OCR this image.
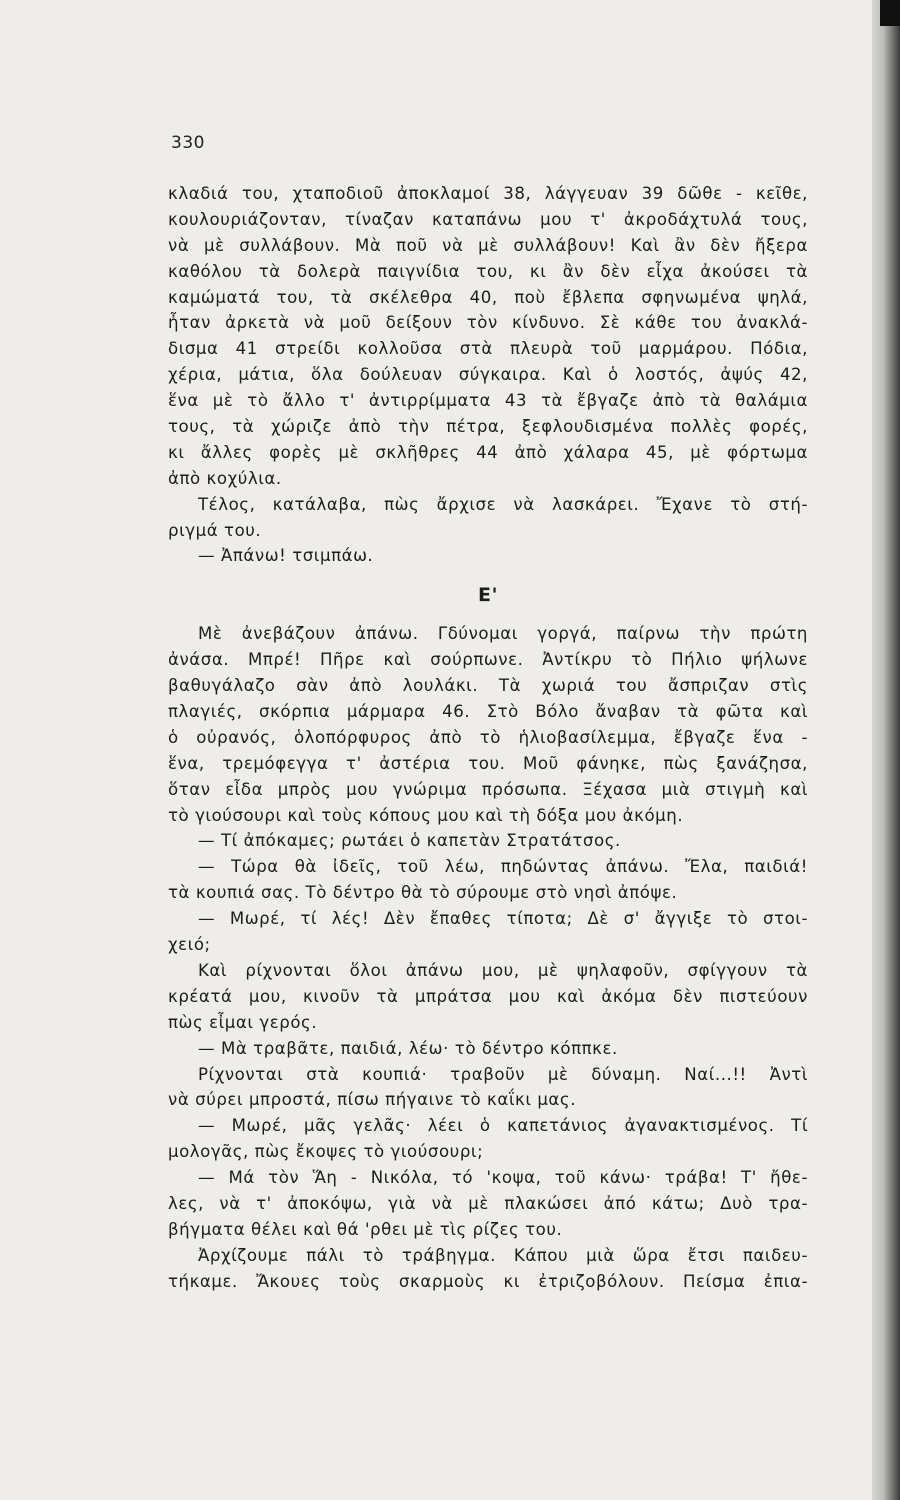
330
κλαδιά του, χταποδιοῦ ἀποκλαμοί 38, λάγγευαν 39 δῶθε - κεῖθε,
κουλουριάζονταν, τίναζαν καταπάνω μου τ' ἀκροδάχτυλά τους,
νὰ μὲ συλλάβουν. Μὰ ποῦ νὰ μὲ συλλάβουν! Καὶ ἂν δὲν ἤξερα
καθόλου τὰ δολερὰ παιγνίδια του, κι ἂν δὲν εἶχα ἀκούσει τὰ
καμώματά του, τὰ σκέλεθρα 40, ποὺ ἔβλεπα σφηνωμένα ψηλά,
ἦταν ἀρκετὰ νὰ μοῦ δείξουν τὸν κίνδυνο. Σὲ κάθε του ἀνακλά-
δισμα 41 στρείδι κολλοῦσα στὰ πλευρὰ τοῦ μαρμάρου. Πόδια,
χέρια, μάτια, ὅλα δούλευαν σύγκαιρα. Καὶ ὁ λοστός, ἀψύς 42,
ἕνα μὲ τὸ ἄλλο τ' ἀντιρρίμματα 43 τὰ ἔβγαζε ἀπὸ τὰ θαλάμια
τους, τὰ χώριζε ἀπὸ τὴν πέτρα, ξεφλουδισμένα πολλὲς φορές,
κι ἄλλες φορὲς μὲ σκλῆθρες 44 ἀπὸ χάλαρα 45, μὲ φόρτωμα
ἀπὸ κοχύλια.
Τέλος, κατάλαβα, πὼς ἄρχισε νὰ λασκάρει. Ἔχανε τὸ στή-
ριγμά του.
— Ἀπάνω! τσιμπάω.
Ε'
Μὲ ἀνεβάζουν ἀπάνω. Γδύνομαι γοργά, παίρνω τὴν πρώτη
ἀνάσα. Μπρέ! Πῆρε καὶ σούρπωνε. Ἀντίκρυ τὸ Πήλιο ψήλωνε
βαθυγάλαζο σὰν ἀπὸ λουλάκι. Τὰ χωριά του ἄσπριζαν στὶς
πλαγιές, σκόρπια μάρμαρα 46. Στὸ Βόλο ἄναβαν τὰ φῶτα καὶ
ὁ οὐρανός, ὁλοπόρφυρος ἀπὸ τὸ ἡλιοβασίλεμμα, ἔβγαζε ἕνα -
ἕνα, τρεμόφεγγα τ' ἀστέρια του. Μοῦ φάνηκε, πὼς ξανάζησα,
ὅταν εἶδα μπρὸς μου γνώριμα πρόσωπα. Ξέχασα μιὰ στιγμὴ καὶ
τὸ γιούσουρι καὶ τοὺς κόπους μου καὶ τὴ δόξα μου ἀκόμη.
— Τί ἀπόκαμες; ρωτάει ὁ καπετὰν Στρατάτσος.
— Τώρα θὰ ἰδεῖς, τοῦ λέω, πηδώντας ἀπάνω. Ἔλα, παιδιά!
τὰ κουπιά σας. Τὸ δέντρο θὰ τὸ σύρουμε στὸ νησὶ ἀπόψε.
— Μωρέ, τί λές! Δὲν ἔπαθες τίποτα; Δὲ σ' ἄγγιξε τὸ στοι-
χειό;
Καὶ ρίχνονται ὅλοι ἀπάνω μου, μὲ ψηλαφοῦν, σφίγγουν τὰ
κρέατά μου, κινοῦν τὰ μπράτσα μου καὶ ἀκόμα δὲν πιστεύουν
πὼς εἶμαι γερός.
— Μὰ τραβᾶτε, παιδιά, λέω· τὸ δέντρο κόππκε.
Ρίχνονται στὰ κουπιά· τραβοῦν μὲ δύναμη. Ναί...!! Ἀντὶ
νὰ σύρει μπροστά, πίσω πήγαινε τὸ καΐκι μας.
— Μωρέ, μᾶς γελᾶς· λέει ὁ καπετάνιος ἀγανακτισμένος. Τί
μολογᾶς, πὼς ἔκοψες τὸ γιούσουρι;
— Μά τὸν Ἅη - Νικόλα, τό 'κοψα, τοῦ κάνω· τράβα! Τ' ἤθε-
λες, νὰ τ' ἀποκόψω, γιὰ νὰ μὲ πλακώσει ἀπό κάτω; Δυὸ τρα-
βήγματα θέλει καὶ θά 'ρθει μὲ τὶς ρίζες του.
Ἀρχίζουμε πάλι τὸ τράβηγμα. Κάπου μιὰ ὥρα ἔτσι παιδευ-
τήκαμε. Ἄκουες τοὺς σκαρμοὺς κι ἐτριζοβόλουν. Πείσμα ἐπια-
